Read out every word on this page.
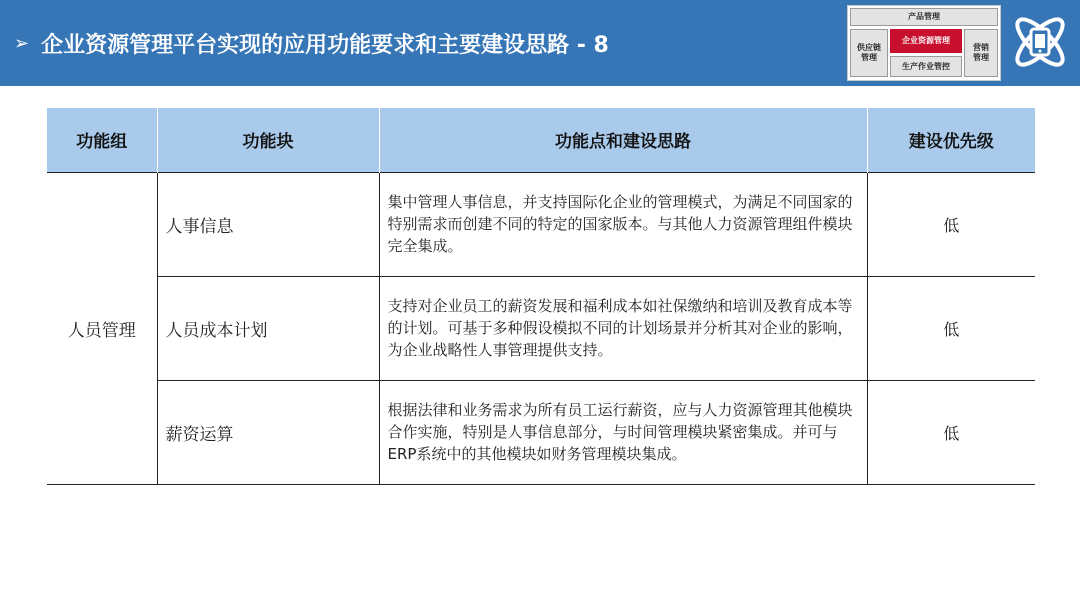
➢ 企业资源管理平台实现的应用功能要求和主要建设思路 - 8
产品管理
供应链管理
企业资源管理
生产作业管控
营销管理
功能组	功能块	功能点和建设思路	建设优先级
人员管理	人事信息	集中管理人事信息，并支持国际化企业的管理模式，为满足不同国家的特别需求而创建不同的特定的国家版本。与其他人力资源管理组件模块完全集成。	低
	人员成本计划	支持对企业员工的薪资发展和福利成本如社保缴纳和培训及教育成本等的计划。可基于多种假设模拟不同的计划场景并分析其对企业的影响，为企业战略性人事管理提供支持。	低
	薪资运算	根据法律和业务需求为所有员工运行薪资，应与人力资源管理其他模块合作实施，特别是人事信息部分，与时间管理模块紧密集成。并可与ERP系统中的其他模块如财务管理模块集成。	低
